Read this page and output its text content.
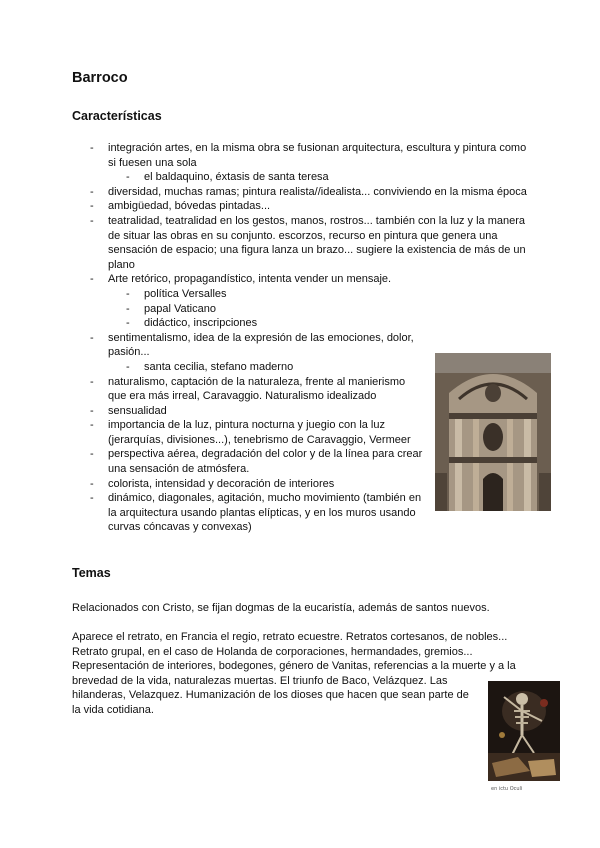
Barroco
Características
- integración artes, en la misma obra se fusionan arquitectura, escultura y pintura como si fuesen una sola
- el baldaquino, éxtasis de santa teresa
- diversidad, muchas ramas; pintura realista//idealista... conviviendo en la misma época
- ambigüedad, bóvedas pintadas...
- teatralidad, teatralidad en los gestos, manos, rostros... también con la luz y la manera de situar las obras en su conjunto. escorzos, recurso en pintura que genera una sensación de espacio; una figura lanza un brazo... sugiere la existencia de más de un plano
- Arte retórico, propagandístico, intenta vender un mensaje.
- política Versalles
- papal Vaticano
- didáctico, inscripciones
- sentimentalismo, idea de la expresión de las emociones, dolor, pasión...
- santa cecilia, stefano maderno
- naturalismo, captación de la naturaleza, frente al manierismo que era más irreal, Caravaggio. Naturalismo idealizado
- sensualidad
- importancia de la luz, pintura nocturna y juegio con la luz (jerarquías, divisiones...), tenebrismo de Caravaggio, Vermeer
- perspectiva aérea, degradación del color y de la línea para crear una sensación de atmósfera.
- colorista, intensidad y decoración de interiores
- dinámico, diagonales, agitación, mucho movimiento (también en la arquitectura usando plantas elípticas, y en los muros usando curvas cóncavas y convexas)
Temas

Relacionados con Cristo, se fijan dogmas de la eucaristía, además de santos nuevos.

Aparece el retrato, en Francia el regio, retrato ecuestre. Retratos cortesanos, de nobles...
Retrato grupal, en el caso de Holanda de corporaciones, hermandades, gremios...
Representación de interiores, bodegones, género de Vanitas, referencias a la muerte y a la
brevedad de la vida, naturalezas muertas. El triunfo de Baco, Velázquez. Las
hilanderas, Velazquez. Humanización de los dioses que hacen que sean parte de
la vida cotidiana.

en ictu Oculi
